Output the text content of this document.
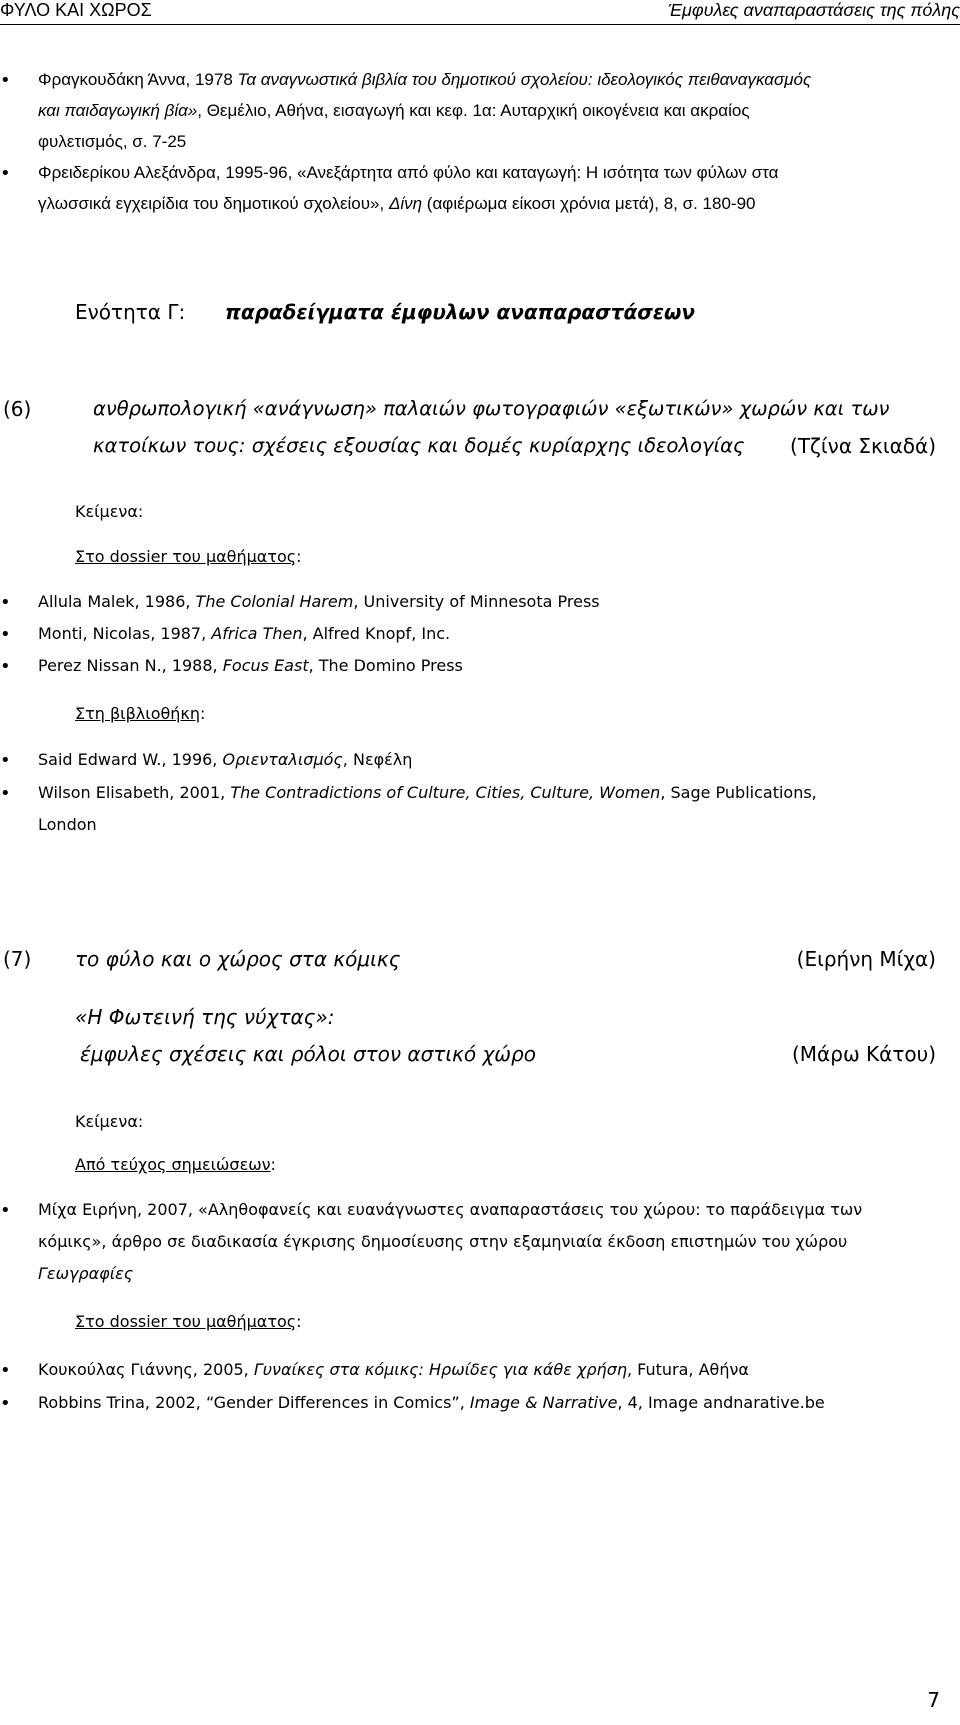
ΦΥΛΟ ΚΑΙ ΧΩΡΟΣ	Έμφυλες αναπαραστάσεις της πόλης
• Φραγκουδάκη Άννα, 1978 Τα αναγνωστικά βιβλία του δημοτικού σχολείου: ιδεολογικός πειθαναγκασμός
και παιδαγωγική βία», Θεμέλιο, Αθήνα, εισαγωγή και κεφ. 1α: Αυταρχική οικογένεια και ακραίος
φυλετισμός, σ. 7-25
• Φρειδερίκου Αλεξάνδρα, 1995-96, «Ανεξάρτητα από φύλο και καταγωγή: Η ισότητα των φύλων στα
γλωσσικά εγχειρίδια του δημοτικού σχολείου», Δίνη (αφιέρωμα είκοσι χρόνια μετά), 8, σ. 180-90
Ενότητα Γ: παραδείγματα έμφυλων αναπαραστάσεων
(6)	ανθρωπολογική «ανάγνωση» παλαιών φωτογραφιών «εξωτικών» χωρών και των
κατοίκων τους: σχέσεις εξουσίας και δομές κυρίαρχης ιδεολογίας (Τζίνα Σκιαδά)
Κείμενα:
Στο dossier του μαθήματος:
• Allula Malek, 1986, The Colonial Harem, University of Minnesota Press
• Monti, Nicolas, 1987, Africa Then, Alfred Knopf, Inc.
• Perez Nissan N., 1988, Focus East, The Domino Press
Στη βιβλιοθήκη:
• Said Edward W., 1996, Οριενταλισμός, Νεφέλη
• Wilson Elisabeth, 2001, The Contradictions of Culture, Cities, Culture, Women, Sage Publications,
London
(7) το φύλο και ο χώρος στα κόμικς	(Ειρήνη Μίχα)
«Η Φωτεινή της νύχτας»:
έμφυλες σχέσεις και ρόλοι στον αστικό χώρο	(Μάρω Κάτου)
Κείμενα:
Από τεύχος σημειώσεων:
• Μίχα Ειρήνη, 2007, «Αληθοφανείς και ευανάγνωστες αναπαραστάσεις του χώρου: το παράδειγμα των
κόμικς», άρθρο σε διαδικασία έγκρισης δημοσίευσης στην εξαμηνιαία έκδοση επιστημών του χώρου
Γεωγραφίες
Στο dossier του μαθήματος:
• Κουκούλας Γιάννης, 2005, Γυναίκες στα κόμικς: Ηρωίδες για κάθε χρήση, Futura, Αθήνα
• Robbins Trina, 2002, “Gender Differences in Comics”, Image & Narrative, 4, Image andnarative.be
7
